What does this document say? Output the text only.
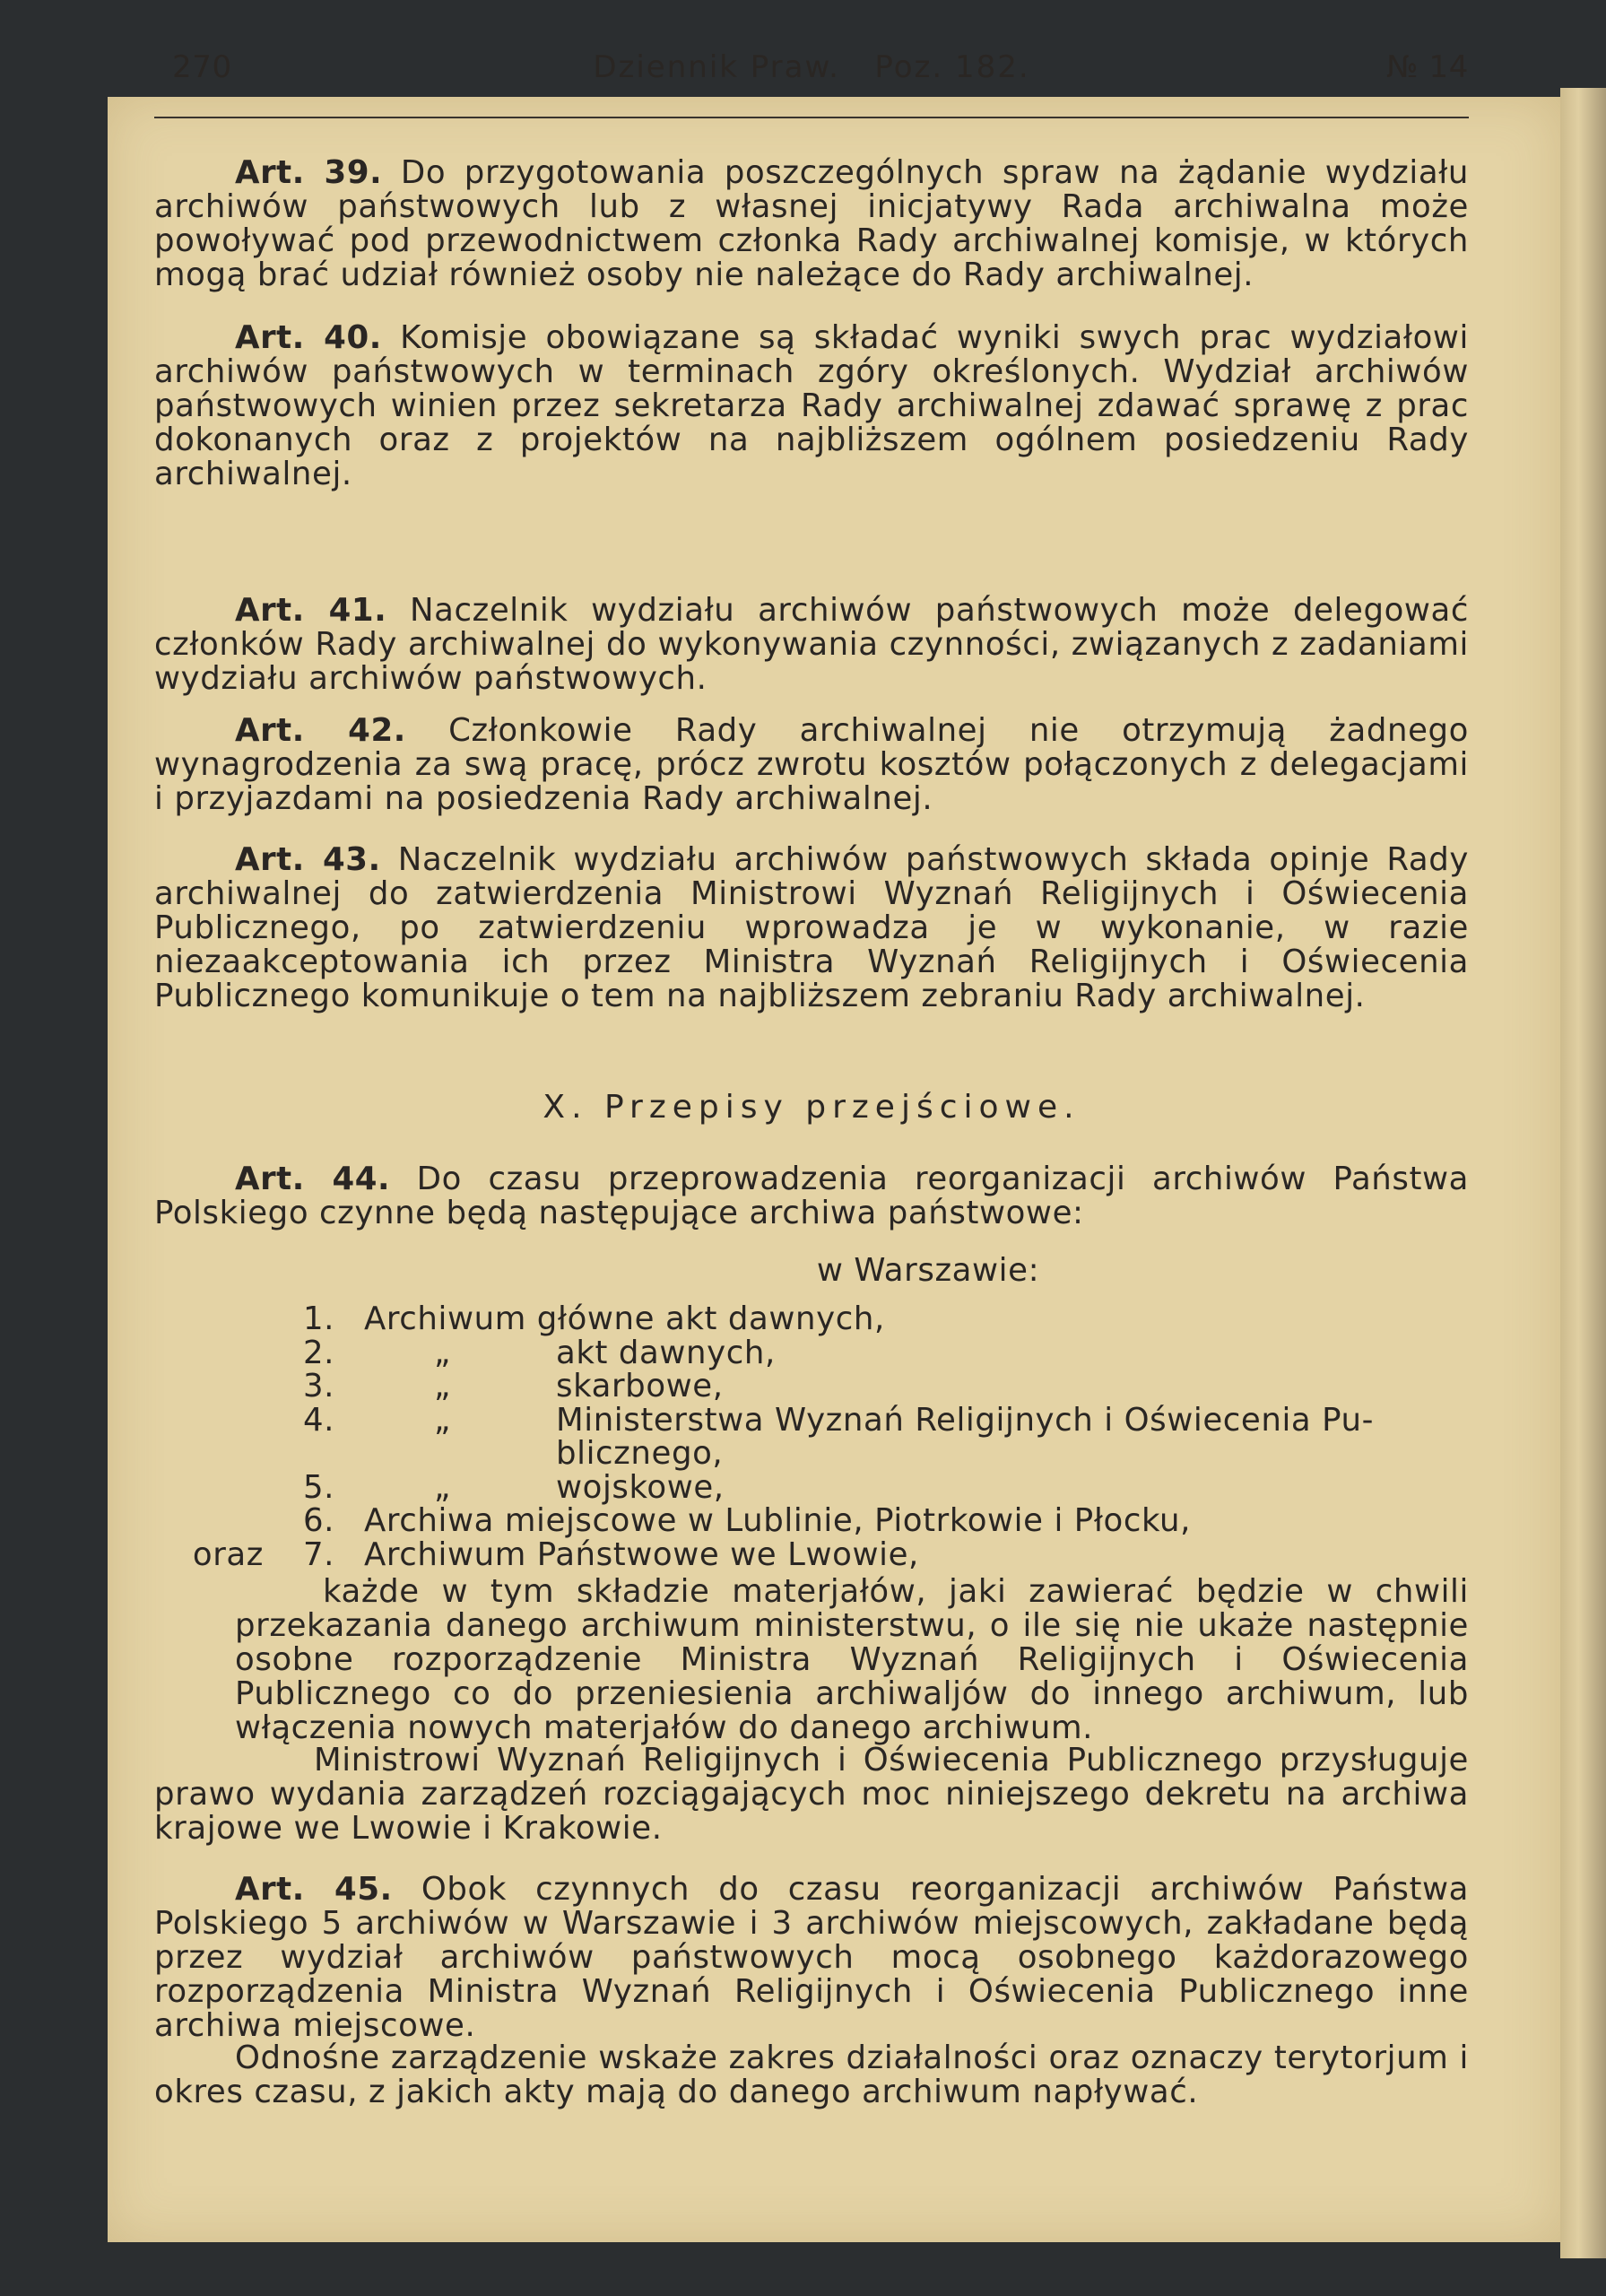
270	Dziennik Praw.   Poz. 182.	№ 14

Art. 39. Do przygotowania poszczególnych spraw na żądanie wydziału archiwów państwowych lub z własnej inicjatywy Rada archiwalna może powoływać pod przewodnictwem członka Rady archiwalnej komisje, w których mogą brać udział również osoby nie należące do Rady archiwalnej.

Art. 40. Komisje obowiązane są składać wyniki swych prac wydziałowi archiwów państwowych w terminach zgóry określonych. Wydział archiwów państwowych winien przez sekretarza Rady archiwalnej zdawać sprawę z prac dokonanych oraz z projektów na najbliższem ogólnem posiedzeniu Rady archiwalnej.

Art. 41. Naczelnik wydziału archiwów państwowych może delegować członków Rady archiwalnej do wykonywania czynności, związanych z zadaniami wydziału archiwów państwowych.

Art. 42. Członkowie Rady archiwalnej nie otrzymują żadnego wynagrodzenia za swą pracę, prócz zwrotu kosztów połączonych z delegacjami i przyjazdami na posiedzenia Rady archiwalnej.

Art. 43. Naczelnik wydziału archiwów państwowych składa opinje Rady archiwalnej do zatwierdzenia Ministrowi Wyznań Religijnych i Oświecenia Publicznego, po zatwierdzeniu wprowadza je w wykonanie, w razie niezaakceptowania ich przez Ministra Wyznań Religijnych i Oświecenia Publicznego komunikuje o tem na najbliższem zebraniu Rady archiwalnej.

X. Przepisy przejściowe.

Art. 44. Do czasu przeprowadzenia reorganizacji archiwów Państwa Polskiego czynne będą następujące archiwa państwowe:

w Warszawie:
1. Archiwum główne akt dawnych,
2.	„	akt dawnych,
3.	„	skarbowe,
4.	„	Ministerstwa Wyznań Religijnych i Oświecenia Pu-
blicznego,
5.	„	wojskowe,
6. Archiwa miejscowe w Lublinie, Piotrkowie i Płocku,
oraz 7. Archiwum Państwowe we Lwowie,

każde w tym składzie materjałów, jaki zawierać będzie w chwili przekazania danego archiwum ministerstwu, o ile się nie ukaże następnie osobne rozporządzenie Ministra Wyznań Religijnych i Oświecenia Publicznego co do przeniesienia archiwaljów do innego archiwum, lub włączenia nowych materjałów do danego archiwum.

Ministrowi Wyznań Religijnych i Oświecenia Publicznego przysługuje prawo wydania zarządzeń rozciągających moc niniejszego dekretu na archiwa krajowe we Lwowie i Krakowie.

Art. 45. Obok czynnych do czasu reorganizacji archiwów Państwa Polskiego 5 archiwów w Warszawie i 3 archiwów miejscowych, zakładane będą przez wydział archiwów państwowych mocą osobnego każdorazowego rozporządzenia Ministra Wyznań Religijnych i Oświecenia Publicznego inne archiwa miejscowe.

Odnośne zarządzenie wskaże zakres działalności oraz oznaczy terytorjum i okres czasu, z jakich akty mają do danego archiwum napływać.
